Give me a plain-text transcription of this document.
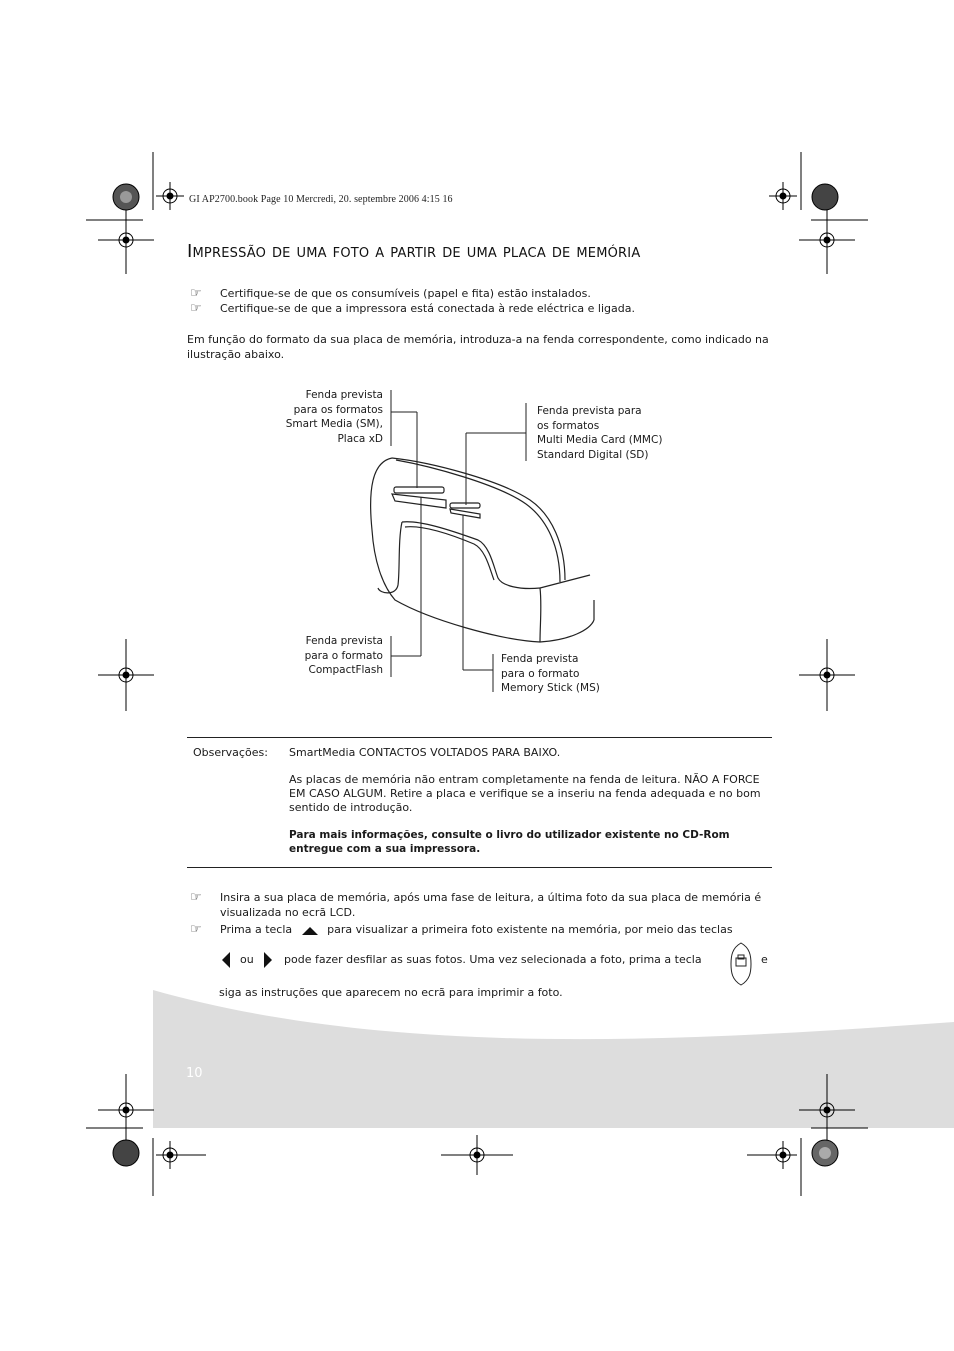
GI AP2700.book Page 10 Mercredi, 20. septembre 2006 4:15 16
Impressão de uma foto a partir de uma placa de memória
☞	Certifique-se de que os consumíveis (papel e fita) estão instalados.
☞	Certifique-se de que a impressora está conectada à rede eléctrica e ligada.
Em função do formato da sua placa de memória, introduza-a na fenda correspondente, como indicado na
ilustração abaixo.
Fenda prevista
para os formatos
Smart Media (SM),
Placa xD
Fenda prevista para
os formatos
Multi Media Card (MMC)
Standard Digital (SD)
Fenda prevista
para o formato
CompactFlash
Fenda prevista
para o formato
Memory Stick (MS)
Observações: SmartMedia CONTACTOS VOLTADOS PARA BAIXO.

As placas de memória não entram completamente na fenda de leitura. NÃO A FORCE EM CASO ALGUM. Retire a placa e verifique se a inseriu na fenda adequada e no bom sentido de introdução.

Para mais informações, consulte o livro do utilizador existente no CD-Rom entregue com a sua impressora.

☞	Insira a sua placa de memória, após uma fase de leitura, a última foto da sua placa de memória é
visualizada no ecrã LCD.
☞	Prima a tecla	para visualizar a primeira foto existente na memória, por meio das teclas
ou	pode fazer desfilar as suas fotos. Uma vez selecionada a foto, prima a tecla	e
siga as instruções que aparecem no ecrã para imprimir a foto.
10
